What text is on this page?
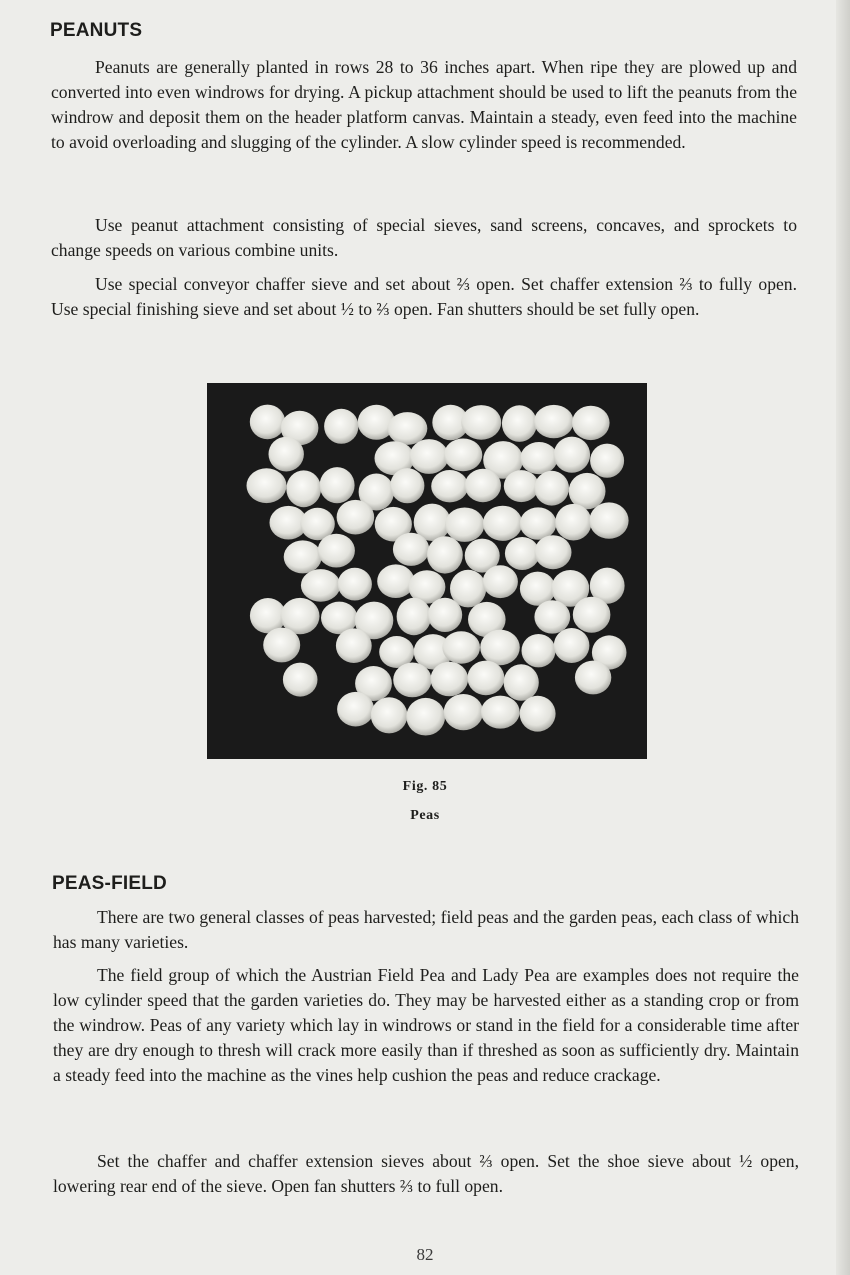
PEANUTS

Peanuts are generally planted in rows 28 to 36 inches apart. When ripe they are plowed up and converted into even windrows for drying. A pickup attachment should be used to lift the peanuts from the windrow and deposit them on the header platform canvas. Maintain a steady, even feed into the machine to avoid overloading and slugging of the cylinder. A slow cylinder speed is recommended.

Use peanut attachment consisting of special sieves, sand screens, concaves, and sprockets to change speeds on various combine units.

Use special conveyor chaffer sieve and set about ⅔ open. Set chaffer extension ⅔ to fully open. Use special finishing sieve and set about ½ to ⅔ open. Fan shutters should be set fully open.

Fig. 85
Peas
PEAS-FIELD

There are two general classes of peas harvested; field peas and the garden peas, each class of which has many varieties.

The field group of which the Austrian Field Pea and Lady Pea are examples does not require the low cylinder speed that the garden varieties do. They may be harvested either as a standing crop or from the windrow. Peas of any variety which lay in windrows or stand in the field for a considerable time after they are dry enough to thresh will crack more easily than if threshed as soon as sufficiently dry. Maintain a steady feed into the machine as the vines help cushion the peas and reduce crackage.

Set the chaffer and chaffer extension sieves about ⅔ open. Set the shoe sieve about ½ open, lowering rear end of the sieve. Open fan shutters ⅔ to full open.

82
